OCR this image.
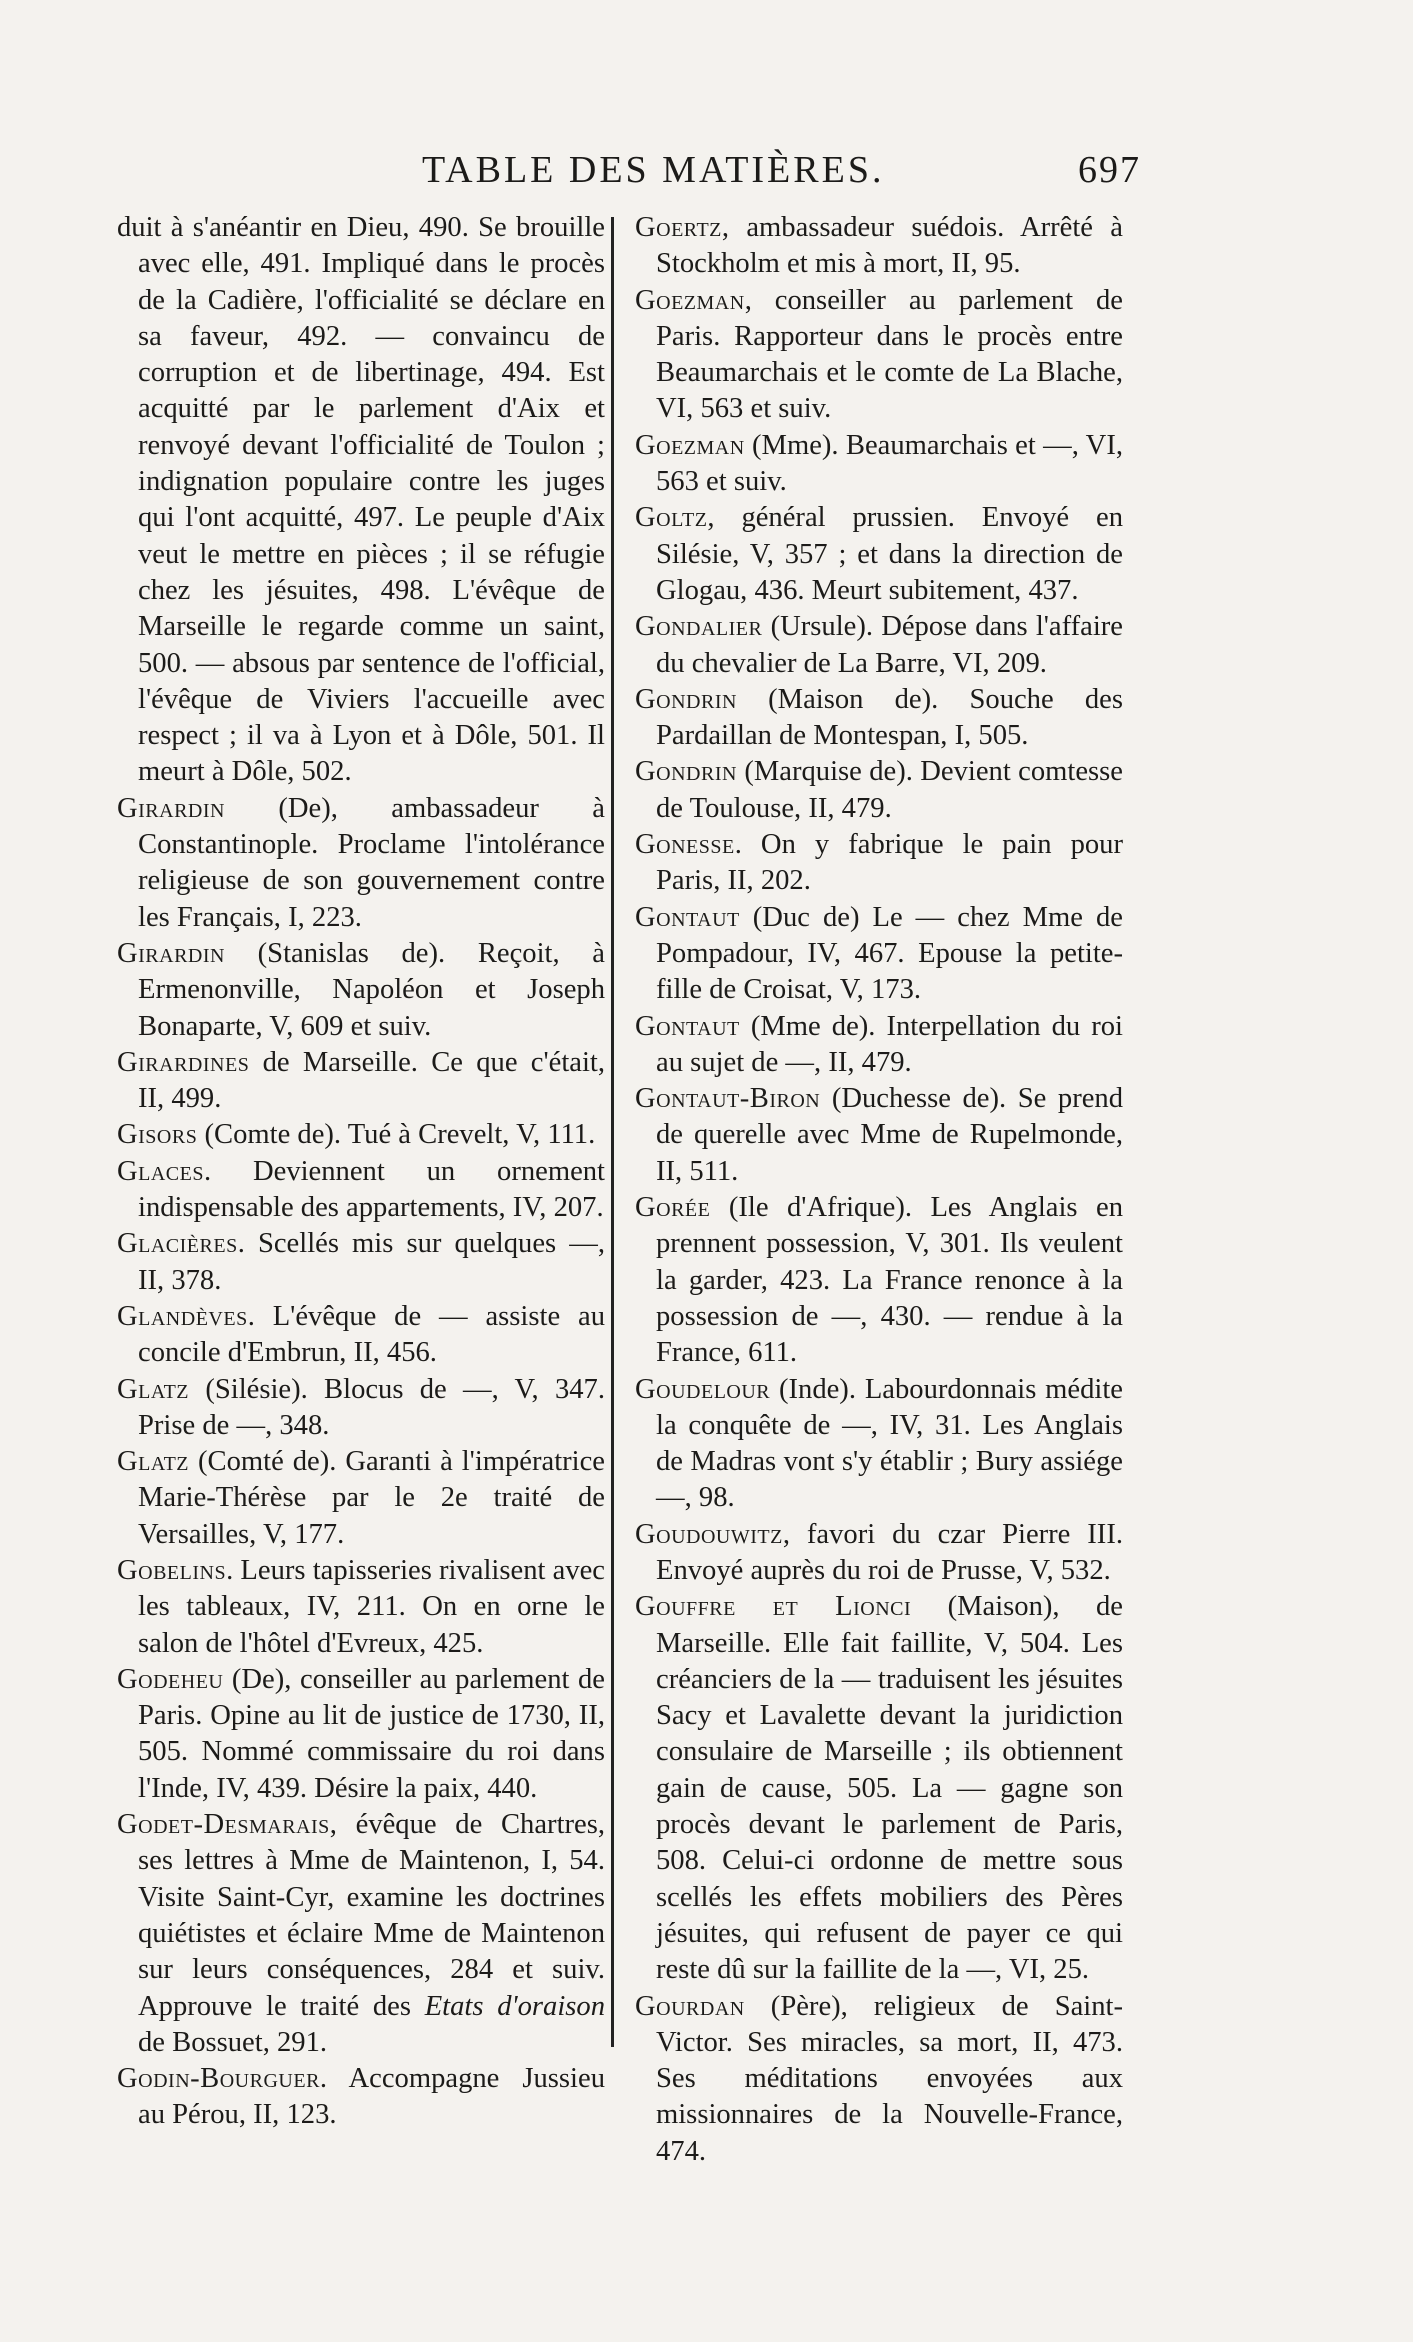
TABLE DES MATIÈRES.	697

duit à s'anéantir en Dieu, 490. Se brouille avec elle, 491. Impliqué dans le procès de la Cadière, l'officialité se déclare en sa faveur, 492. — convaincu de corruption et de libertinage, 494. Est acquitté par le parlement d'Aix et renvoyé devant l'officialité de Toulon ; indignation populaire contre les juges qui l'ont acquitté, 497. Le peuple d'Aix veut le mettre en pièces ; il se réfugie chez les jésuites, 498. L'évêque de Marseille le regarde comme un saint, 500. — absous par sentence de l'official, l'évêque de Viviers l'accueille avec respect ; il va à Lyon et à Dôle, 501. Il meurt à Dôle, 502.

Girardin (De), ambassadeur à Constantinople. Proclame l'intolérance religieuse de son gouvernement contre les Français, I, 223.

Girardin (Stanislas de). Reçoit, à Ermenonville, Napoléon et Joseph Bonaparte, V, 609 et suiv.

Girardines de Marseille. Ce que c'était, II, 499.

Gisors (Comte de). Tué à Crevelt, V, 111.

Glaces. Deviennent un ornement indispensable des appartements, IV, 207.

Glacières. Scellés mis sur quelques —, II, 378.

Glandèves. L'évêque de — assiste au concile d'Embrun, II, 456.

Glatz (Silésie). Blocus de —, V, 347. Prise de —, 348.

Glatz (Comté de). Garanti à l'impératrice Marie-Thérèse par le 2e traité de Versailles, V, 177.

Gobelins. Leurs tapisseries rivalisent avec les tableaux, IV, 211. On en orne le salon de l'hôtel d'Evreux, 425.

Godeheu (De), conseiller au parlement de Paris. Opine au lit de justice de 1730, II, 505. Nommé commissaire du roi dans l'Inde, IV, 439. Désire la paix, 440.

Godet-Desmarais, évêque de Chartres, ses lettres à Mme de Maintenon, I, 54. Visite Saint-Cyr, examine les doctrines quiétistes et éclaire Mme de Maintenon sur leurs conséquences, 284 et suiv. Approuve le traité des Etats d'oraison de Bossuet, 291.

Godin-Bourguer. Accompagne Jussieu au Pérou, II, 123.

Goertz, ambassadeur suédois. Arrêté à Stockholm et mis à mort, II, 95.

Goezman, conseiller au parlement de Paris. Rapporteur dans le procès entre Beaumarchais et le comte de La Blache, VI, 563 et suiv.

Goezman (Mme). Beaumarchais et —, VI, 563 et suiv.

Goltz, général prussien. Envoyé en Silésie, V, 357 ; et dans la direction de Glogau, 436. Meurt subitement, 437.

Gondalier (Ursule). Dépose dans l'affaire du chevalier de La Barre, VI, 209.

Gondrin (Maison de). Souche des Pardaillan de Montespan, I, 505.

Gondrin (Marquise de). Devient comtesse de Toulouse, II, 479.

Gonesse. On y fabrique le pain pour Paris, II, 202.

Gontaut (Duc de) Le — chez Mme de Pompadour, IV, 467. Epouse la petite-fille de Croisat, V, 173.

Gontaut (Mme de). Interpellation du roi au sujet de —, II, 479.

Gontaut-Biron (Duchesse de). Se prend de querelle avec Mme de Rupelmonde, II, 511.

Gorée (Ile d'Afrique). Les Anglais en prennent possession, V, 301. Ils veulent la garder, 423. La France renonce à la possession de —, 430. — rendue à la France, 611.

Goudelour (Inde). Labourdonnais médite la conquête de —, IV, 31. Les Anglais de Madras vont s'y établir ; Bury assiége —, 98.

Goudouwitz, favori du czar Pierre III. Envoyé auprès du roi de Prusse, V, 532.

Gouffre et Lionci (Maison), de Marseille. Elle fait faillite, V, 504. Les créanciers de la — traduisent les jésuites Sacy et Lavalette devant la juridiction consulaire de Marseille ; ils obtiennent gain de cause, 505. La — gagne son procès devant le parlement de Paris, 508. Celui-ci ordonne de mettre sous scellés les effets mobiliers des Pères jésuites, qui refusent de payer ce qui reste dû sur la faillite de la —, VI, 25.

Gourdan (Père), religieux de Saint-Victor. Ses miracles, sa mort, II, 473. Ses méditations envoyées aux missionnaires de la Nouvelle-France, 474.
